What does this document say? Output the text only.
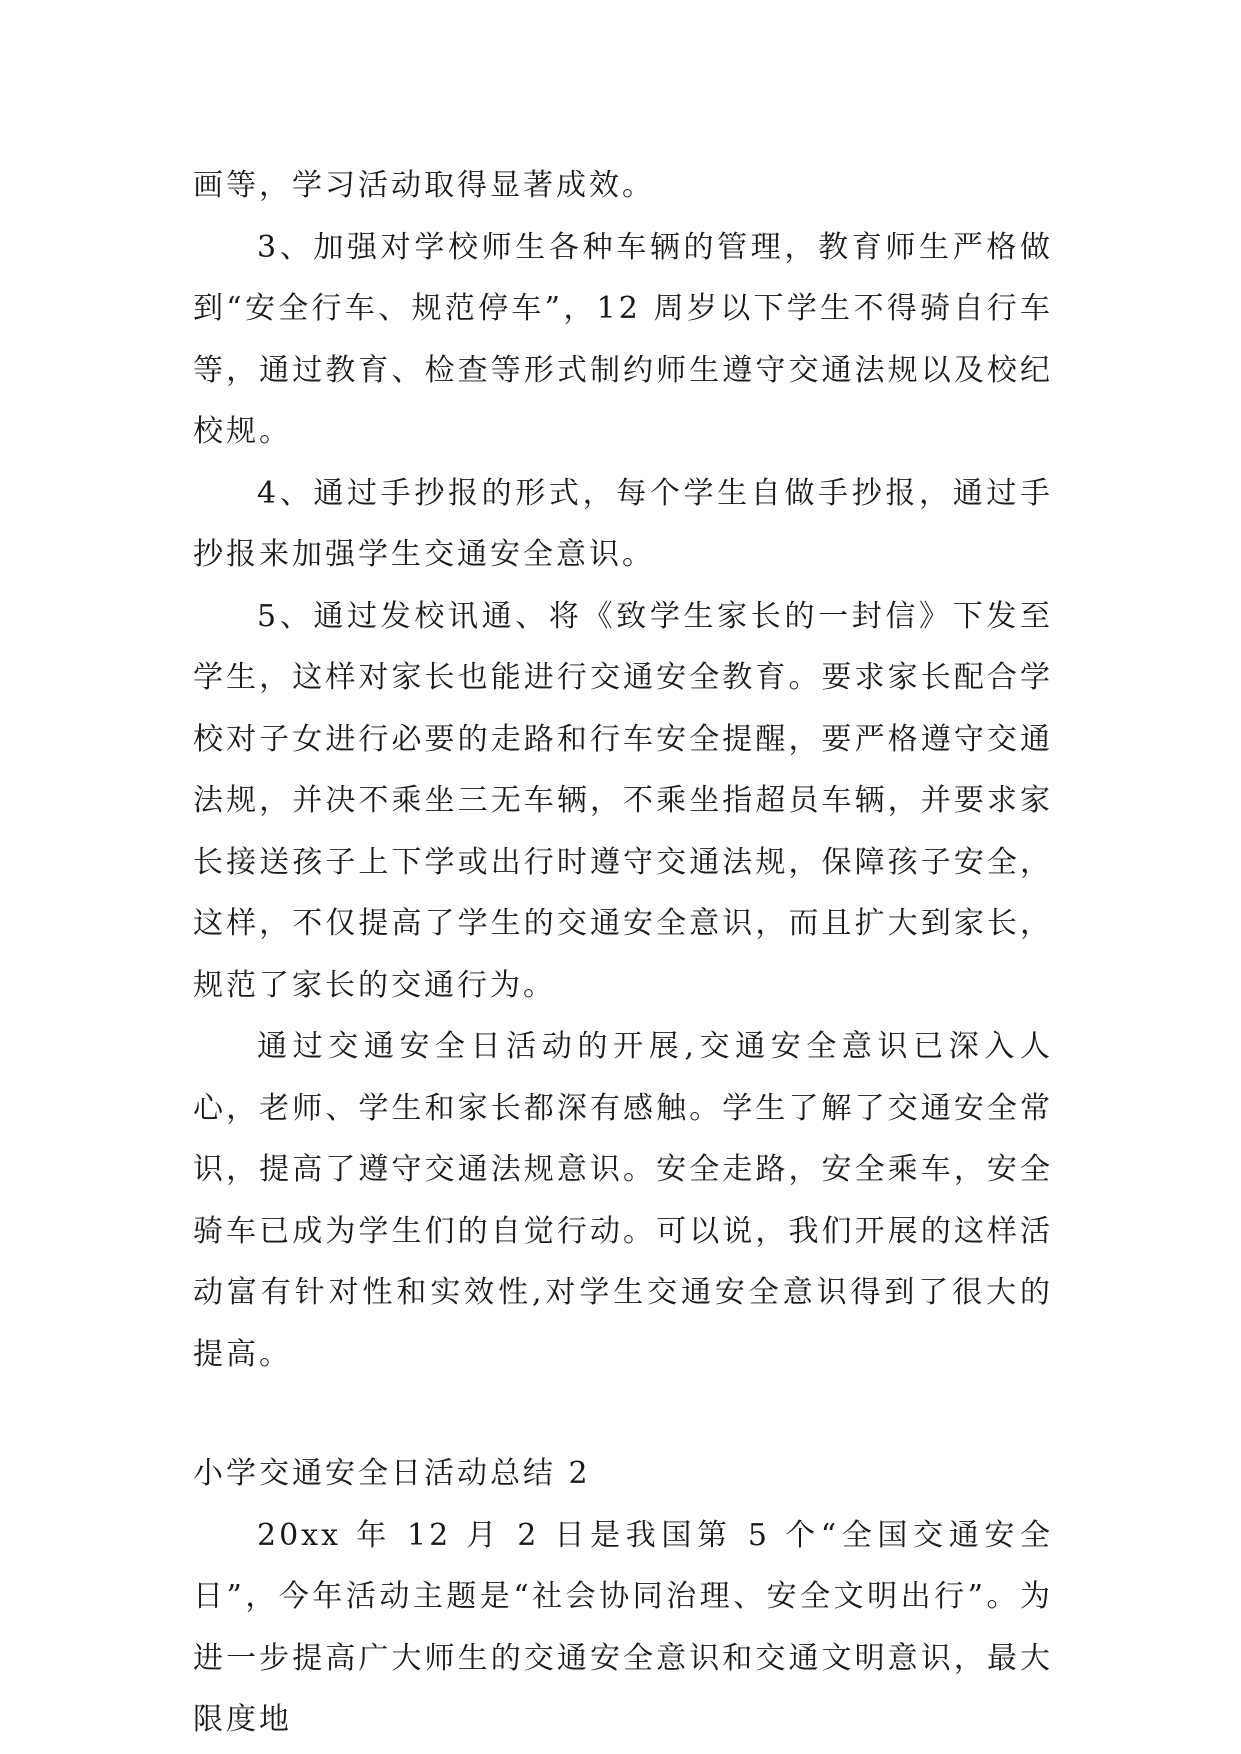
画等，学习活动取得显著成效。

3、加强对学校师生各种车辆的管理，教育师生严格做到“安全行车、规范停车”，12 周岁以下学生不得骑自行车等，通过教育、检查等形式制约师生遵守交通法规以及校纪校规。

4、通过手抄报的形式，每个学生自做手抄报，通过手抄报来加强学生交通安全意识。

5、通过发校讯通、将《致学生家长的一封信》下发至学生，这样对家长也能进行交通安全教育。要求家长配合学校对子女进行必要的走路和行车安全提醒，要严格遵守交通法规，并决不乘坐三无车辆，不乘坐指超员车辆，并要求家长接送孩子上下学或出行时遵守交通法规，保障孩子安全，这样，不仅提高了学生的交通安全意识，而且扩大到家长，规范了家长的交通行为。

通过交通安全日活动的开展,交通安全意识已深入人心，老师、学生和家长都深有感触。学生了解了交通安全常识，提高了遵守交通法规意识。安全走路，安全乘车，安全骑车已成为学生们的自觉行动。可以说，我们开展的这样活动富有针对性和实效性,对学生交通安全意识得到了很大的提高。

小学交通安全日活动总结 2

20xx 年 12 月 2 日是我国第 5 个“全国交通安全日”，今年活动主题是“社会协同治理、安全文明出行”。为进一步提高广大师生的交通安全意识和交通文明意识，最大限度地
